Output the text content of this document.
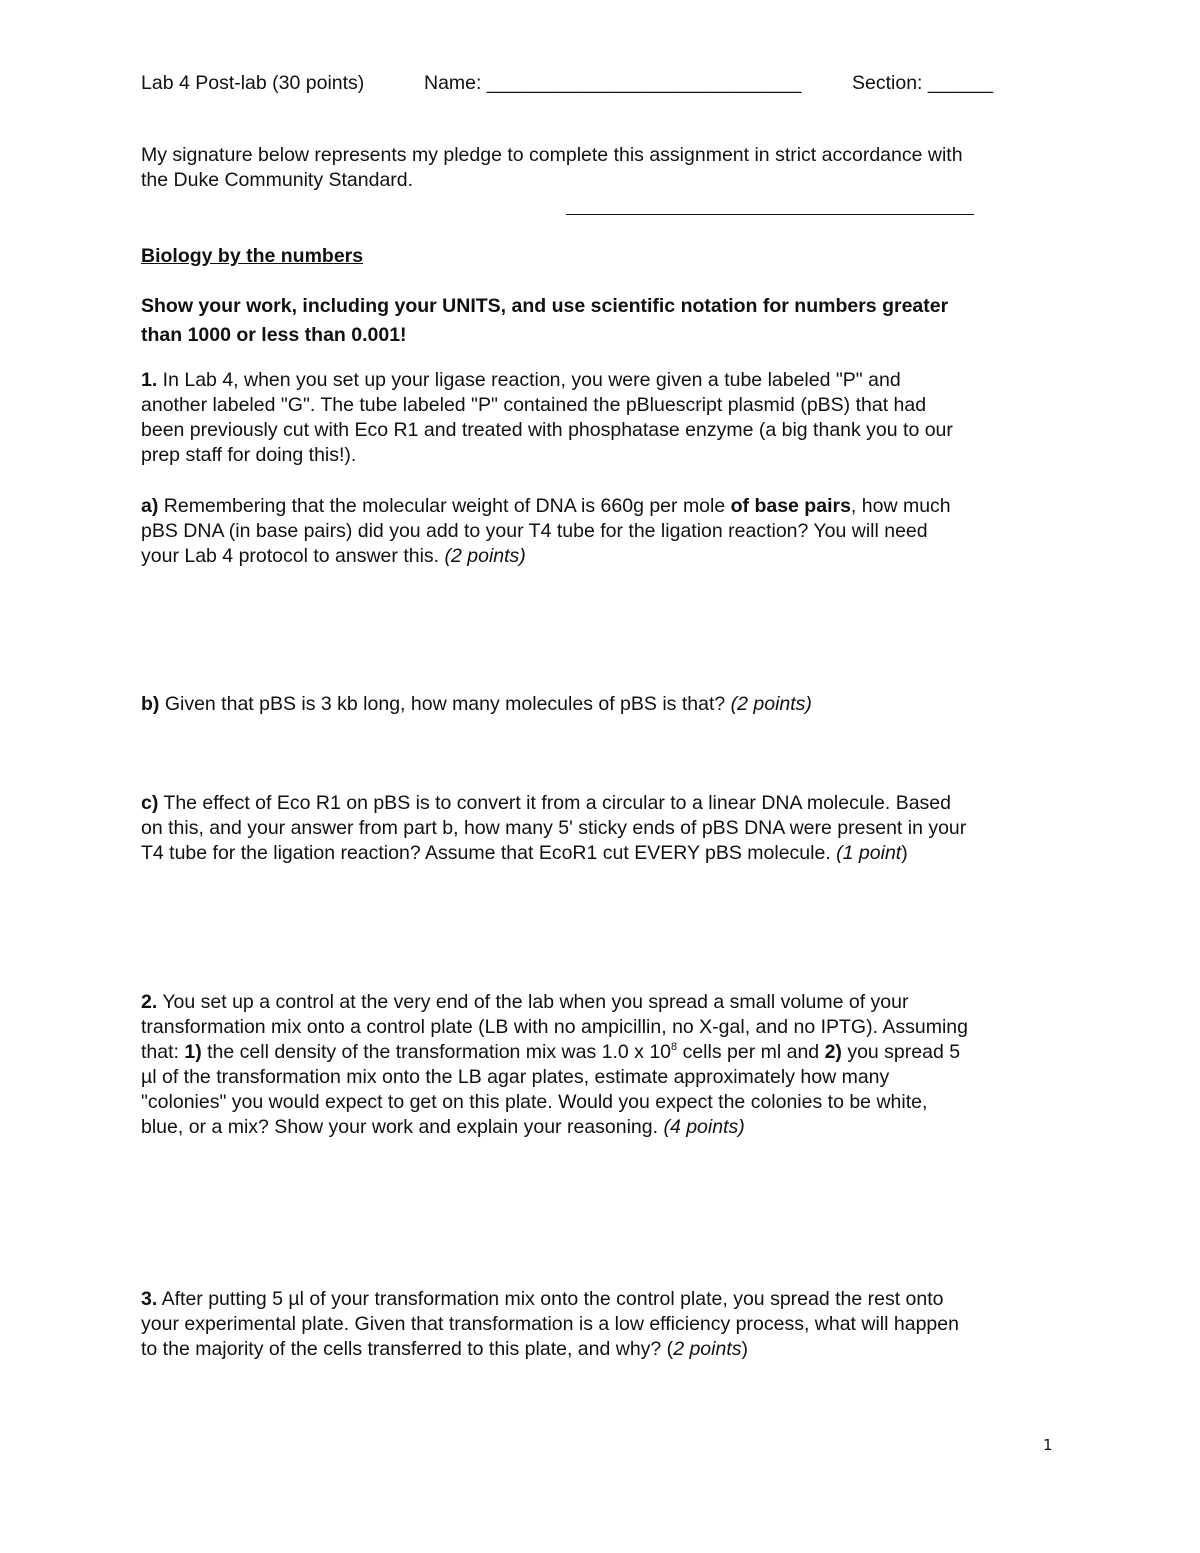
Lab 4 Post-lab (30 points)	Name: _____________________________	Section: ______
My signature below represents my pledge to complete this assignment in strict accordance with
the Duke Community Standard.
Biology by the numbers
Show your work, including your UNITS, and use scientific notation for numbers greater
than 1000 or less than 0.001!
1. In Lab 4, when you set up your ligase reaction, you were given a tube labeled "P" and
another labeled "G". The tube labeled "P" contained the pBluescript plasmid (pBS) that had
been previously cut with Eco R1 and treated with phosphatase enzyme (a big thank you to our
prep staff for doing this!).
a) Remembering that the molecular weight of DNA is 660g per mole of base pairs, how much
pBS DNA (in base pairs) did you add to your T4 tube for the ligation reaction? You will need
your Lab 4 protocol to answer this. (2 points)
b) Given that pBS is 3 kb long, how many molecules of pBS is that? (2 points)
c) The effect of Eco R1 on pBS is to convert it from a circular to a linear DNA molecule. Based
on this, and your answer from part b, how many 5' sticky ends of pBS DNA were present in your
T4 tube for the ligation reaction? Assume that EcoR1 cut EVERY pBS molecule. (1 point)
2. You set up a control at the very end of the lab when you spread a small volume of your
transformation mix onto a control plate (LB with no ampicillin, no X-gal, and no IPTG). Assuming
that: 1) the cell density of the transformation mix was 1.0 x $10^8$ cells per ml and 2) you spread 5
µl of the transformation mix onto the LB agar plates, estimate approximately how many
"colonies" you would expect to get on this plate. Would you expect the colonies to be white,
blue, or a mix? Show your work and explain your reasoning. (4 points)
3. After putting 5 µl of your transformation mix onto the control plate, you spread the rest onto
your experimental plate. Given that transformation is a low efficiency process, what will happen
to the majority of the cells transferred to this plate, and why? (2 points)
1
